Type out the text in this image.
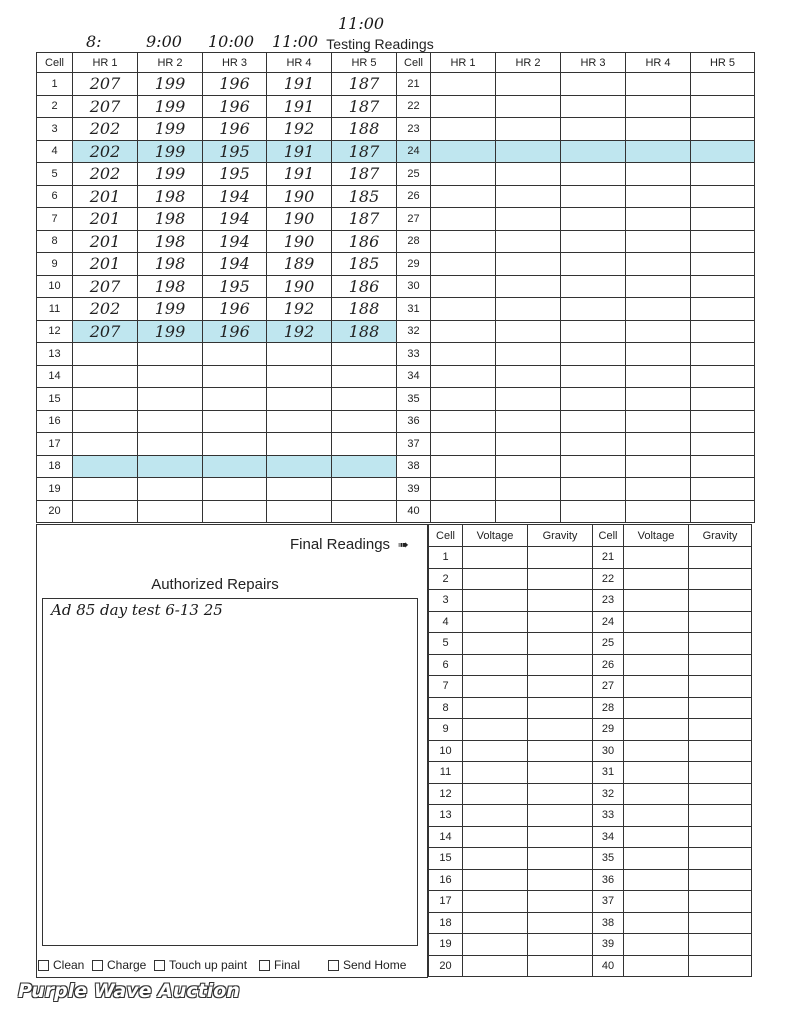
8:	9:00 10:00 11:00
11:00
Testing Readings
Cell	HR 1	HR 2	HR 3	HR 4	HR 5	Cell	HR 1	HR 2	HR 3	HR 4	HR 5
1	207	199	196	191	187	21					
2	207	199	196	191	187	22					
3	202	199	196	192	188	23					
4	202	199	195	191	187	24					
5	202	199	195	191	187	25					
6	201	198	194	190	185	26					
7	201	198	194	190	187	27					
8	201	198	194	190	186	28					
9	201	198	194	189	185	29					
10	207	198	195	190	186	30					
11	202	199	196	192	188	31					
12	207	199	196	192	188	32					
13						33					
14						34					
15						35					
16						36					
17						37					
18						38					
19						39					
20						40					
Final Readings ➠
Authorized Repairs
Ad 85 day test 6-13 25
Clean Charge Touch up paint Final	Send Home
Cell	Voltage	Gravity	Cell	Voltage	Gravity
1			21		
2			22		
3			23		
4			24		
5			25		
6			26		
7			27		
8			28		
9			29		
10			30		
11			31		
12			32		
13			33		
14			34		
15			35		
16			36		
17			37		
18			38		
19			39		
20			40		
Purple Wave Auction
